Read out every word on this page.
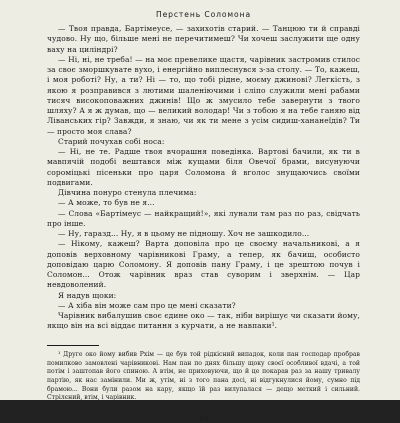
Перстень Соломона

— Твоя правда, Бартімеусе, — захихотів старий. — Танцюю ти й справді чудово. Ну що, більше мені не перечитимеш? Чи хочеш заслужити ще одну ваху на циліндрі?

— Ні, ні, не треба! — на моє превелике щастя, чарівник застромив стилос за своє зморшкувате вухо, і енергійно виплеснувся з-за столу. — То, кажеш, і моя роботі? Ну, а ти? Ні — то, що тобі рідне, моєму джинові? Легкість, з якою я розправився з лютими шаленіючими і сліпо служили мені рабами тисяч високоповажних джинів! Що ж змусило тебе завернути з твого шляху? А я ж думав, що — великий володар! Чи з тобою я на тебе ганяю від Ліванських гір? Завжди, я знаю, чи як ти мене з усім сидиш-хананеїдів? Ти — просто моя слава?

Старий почухав собі носа:

— Ні, не те. Радше твоя вчорашня поведінка. Вартові бачили, як ти в мавпячій подобі вештався між кущами біля Овечої брами, висунуючи сороміцькі пісеньки про царя Соломона й вголос знущаючись своїми подвигами.

Дівчина понуро стенула плечима:

— А може, то був не я...

— Слова «Бартімеус — найкращий!», які лунали там раз по раз, свідчать про інше.

— Ну, гаразд... Ну, я в цьому не підношу. Хоч не зашкодило...

— Нікому, кажеш? Варта доповіла про це своєму начальникові, а я доповів верховному чарівникові Граму, а тепер, як бачиш, особисто доповідаю царю Соломону. Я доповів пану Граму, і це зрештою почув і Соломон... Отож чарівник враз став суворим і зверхнім. — Цар невдоволений.

Я надув щоки:

— А хіба він може сам про це мені сказати?

Чарівник вибалушив своє єдине око — так, ніби вирішує чи сказати йому, якщо він на всі віддає питання з курчати, а не навпаки¹.

¹ Друге око йому вибив Рхім — це був той рідкісний випадок, коли пан господар пробрав помилково замовлені чарівникові. Нам пан по днях більшу щоку своєї особливої вдачі, а той потім і заштопав його спиною. А втім, не приховуючи, що й це покарав раз за нашу тривалу партію, як нас замінили. Ми ж, утім, ні з того пана досі, ні відгукнулися йому, сумно під брамою... Вони були разом на кару, якщо їй раз вилупалася — дещо меткий і сильний. Стрілєний, втім, і чарівник.

19
